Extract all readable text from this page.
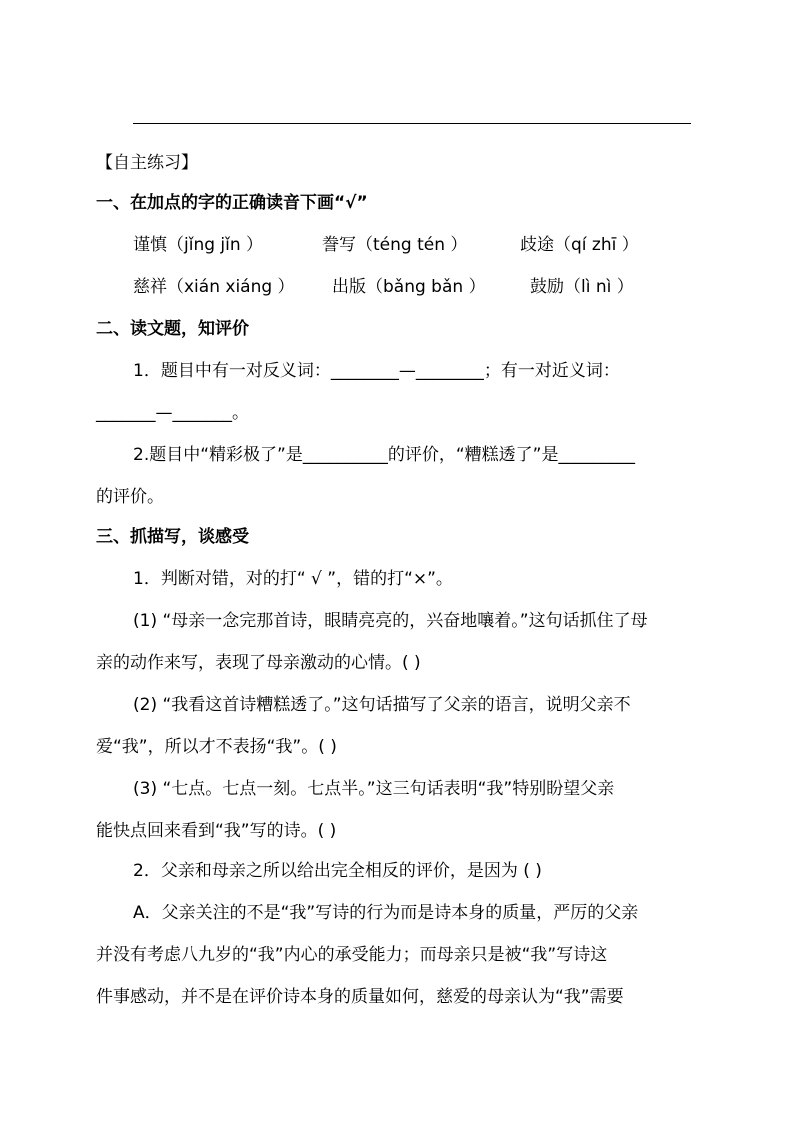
【自主练习】
一、在加点的字的正确读音下画“√”
谨慎（jǐng jǐn ）	誊写（téng tén ）	歧途（qí zhī ）
慈祥（xián xiáng ） 出版（bǎng bǎn ）	鼓励（lì nì ）
二、读文题，知评价
1．题目中有一对反义词：________—________；有一对近义词：
_______—_______。
2.题目中“精彩极了”是__________的评价，“糟糕透了”是_________
的评价。
三、抓描写，谈感受
1．判断对错，对的打“ √ ”，错的打“×”。
(1) “母亲一念完那首诗，眼睛亮亮的，兴奋地嚷着。”这句话抓住了母
亲的动作来写，表现了母亲激动的心情。( )
(2) “我看这首诗糟糕透了。”这句话描写了父亲的语言，说明父亲不
爱“我”，所以才不表扬“我”。( )
(3) “七点。七点一刻。七点半。”这三句话表明“我”特别盼望父亲
能快点回来看到“我”写的诗。( )
2．父亲和母亲之所以给出完全相反的评价，是因为 ( )
A．父亲关注的不是“我”写诗的行为而是诗本身的质量，严厉的父亲
并没有考虑八九岁的“我”内心的承受能力；而母亲只是被“我”写诗这
件事感动，并不是在评价诗本身的质量如何，慈爱的母亲认为“我”需要
